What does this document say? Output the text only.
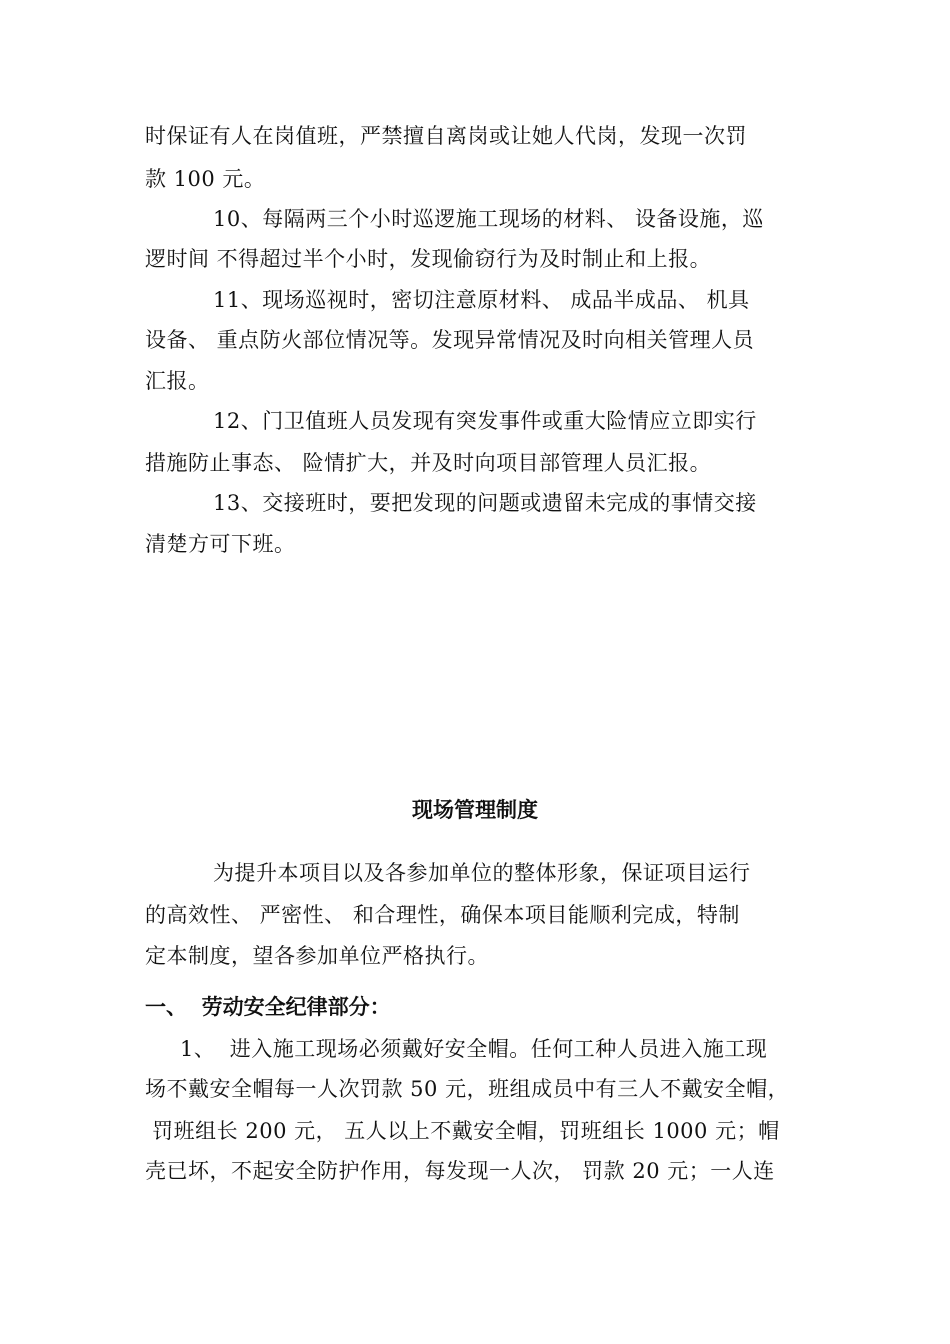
时保证有人在岗值班，严禁擅自离岗或让她人代岗，发现一次罚
款 100 元。
10、每隔两三个小时巡逻施工现场的材料、 设备设施，巡
逻时间 不得超过半个小时，发现偷窃行为及时制止和上报。
11、现场巡视时，密切注意原材料、 成品半成品、 机具
设备、 重点防火部位情况等。发现异常情况及时向相关管理人员
汇报。
12、门卫值班人员发现有突发事件或重大险情应立即实行
措施防止事态、 险情扩大，并及时向项目部管理人员汇报。
13、交接班时，要把发现的问题或遗留未完成的事情交接
清楚方可下班。
现场管理制度
为提升本项目以及各参加单位的整体形象，保证项目运行
的高效性、 严密性、 和合理性，确保本项目能顺利完成，特制
定本制度，望各参加单位严格执行。
一、  劳动安全纪律部分：
1、  进入施工现场必须戴好安全帽。任何工种人员进入施工现
场不戴安全帽每一人次罚款 50 元，班组成员中有三人不戴安全帽，
罚班组长 200 元， 五人以上不戴安全帽，罚班组长 1000 元；帽
壳已坏，不起安全防护作用，每发现一人次， 罚款 20 元；一人连
